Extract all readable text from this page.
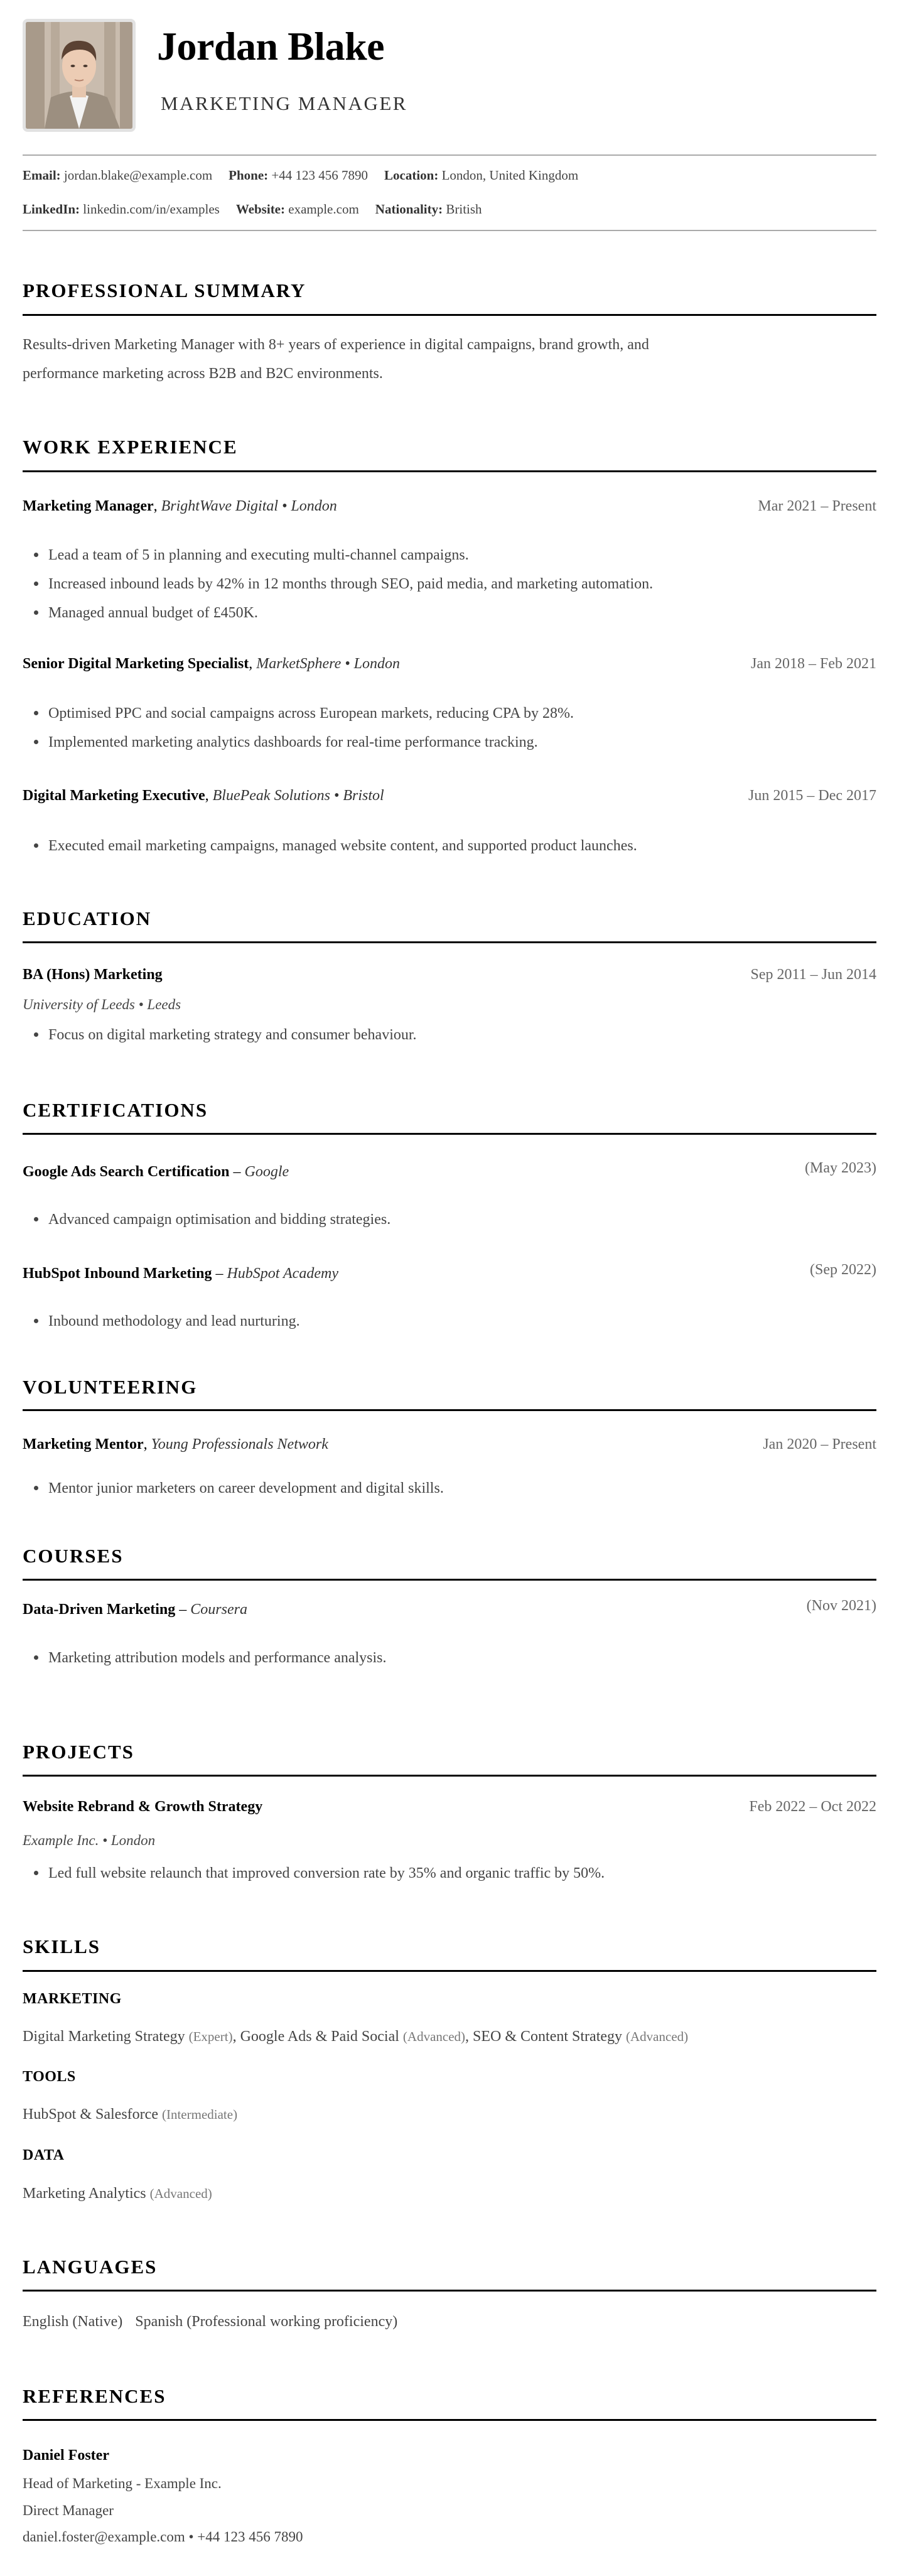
Jordan Blake
MARKETING MANAGER
Email: jordan.blake@example.com Phone: +44 123 456 7890 Location: London, United Kingdom
LinkedIn: linkedin.com/in/examples Website: example.com Nationality: British
PROFESSIONAL SUMMARY
Results-driven Marketing Manager with 8+ years of experience in digital campaigns, brand growth, and
performance marketing across B2B and B2C environments.
WORK EXPERIENCE
Marketing Manager, BrightWave Digital • London	Mar 2021 – Present
Lead a team of 5 in planning and executing multi-channel campaigns.
Increased inbound leads by 42% in 12 months through SEO, paid media, and marketing automation.
Managed annual budget of £450K.
Senior Digital Marketing Specialist, MarketSphere • London	Jan 2018 – Feb 2021
Optimised PPC and social campaigns across European markets, reducing CPA by 28%.
Implemented marketing analytics dashboards for real-time performance tracking.
Digital Marketing Executive, BluePeak Solutions • Bristol	Jun 2015 – Dec 2017
Executed email marketing campaigns, managed website content, and supported product launches.
EDUCATION
BA (Hons) Marketing	Sep 2011 – Jun 2014
University of Leeds • Leeds
Focus on digital marketing strategy and consumer behaviour.
CERTIFICATIONS
Google Ads Search Certification – Google	(May 2023)
Advanced campaign optimisation and bidding strategies.
HubSpot Inbound Marketing – HubSpot Academy	(Sep 2022)
Inbound methodology and lead nurturing.
VOLUNTEERING
Marketing Mentor, Young Professionals Network	Jan 2020 – Present
Mentor junior marketers on career development and digital skills.
COURSES
Data-Driven Marketing – Coursera	(Nov 2021)
Marketing attribution models and performance analysis.
PROJECTS
Website Rebrand & Growth Strategy	Feb 2022 – Oct 2022
Example Inc. • London
Led full website relaunch that improved conversion rate by 35% and organic traffic by 50%.
SKILLS
MARKETING
Digital Marketing Strategy (Expert), Google Ads & Paid Social (Advanced), SEO & Content Strategy (Advanced)
TOOLS
HubSpot & Salesforce (Intermediate)
DATA
Marketing Analytics (Advanced)
LANGUAGES
English (Native) Spanish (Professional working proficiency)
REFERENCES
Daniel Foster
Head of Marketing - Example Inc.
Direct Manager
daniel.foster@example.com • +44 123 456 7890
